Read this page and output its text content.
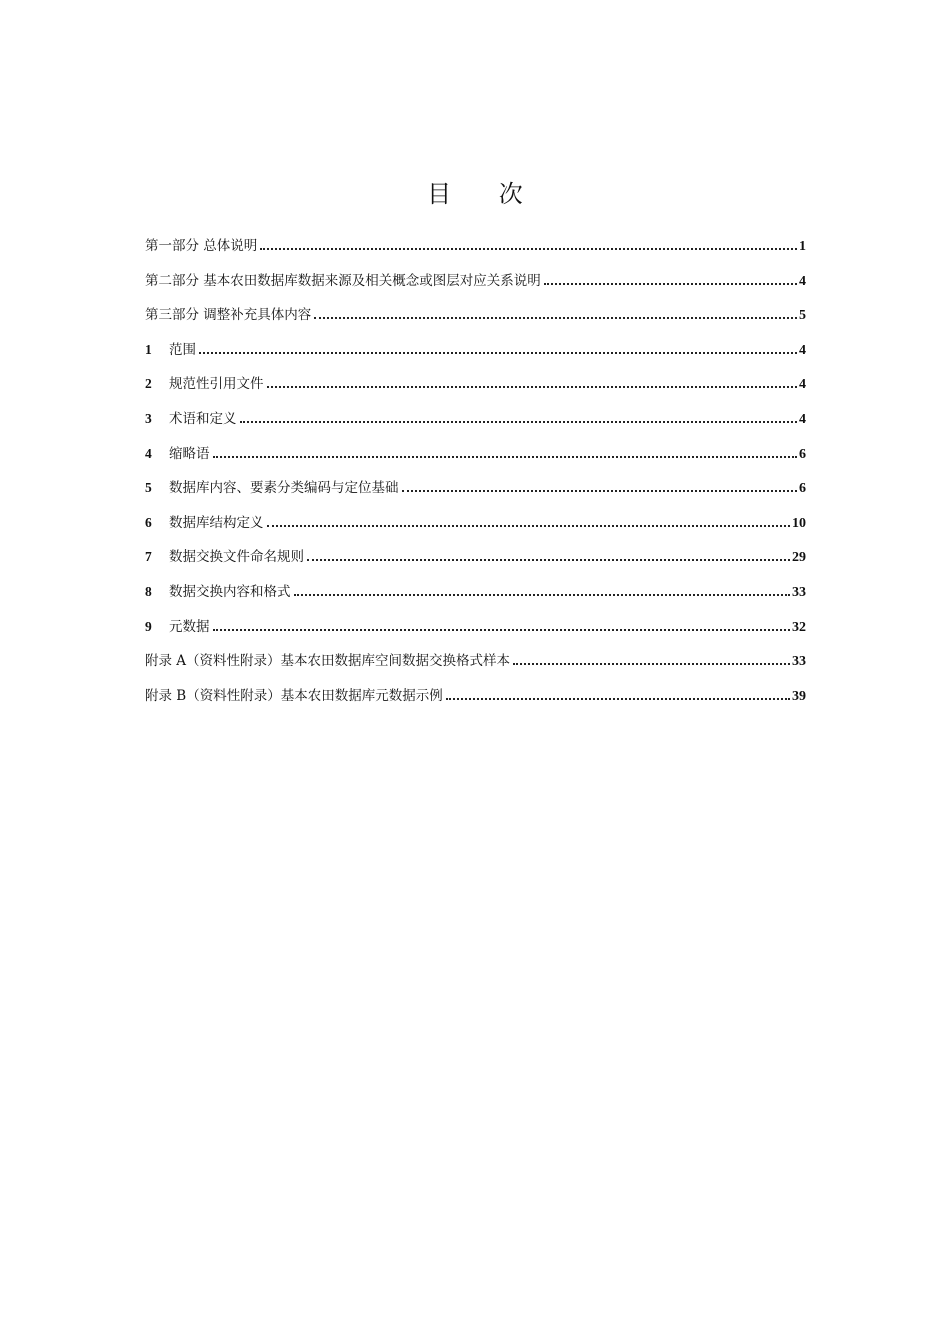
目 次
第一部分 总体说明	1
第二部分 基本农田数据库数据来源及相关概念或图层对应关系说明	4
第三部分 调整补充具体内容	5
1	范围	4
2	规范性引用文件	4
3	术语和定义	4
4	缩略语	6
5	数据库内容、要素分类编码与定位基础	6
6	数据库结构定义	10
7	数据交换文件命名规则	29
8	数据交换内容和格式	33
9	元数据	32
附录 A（资料性附录）基本农田数据库空间数据交换格式样本	33
附录 B（资料性附录）基本农田数据库元数据示例	39
